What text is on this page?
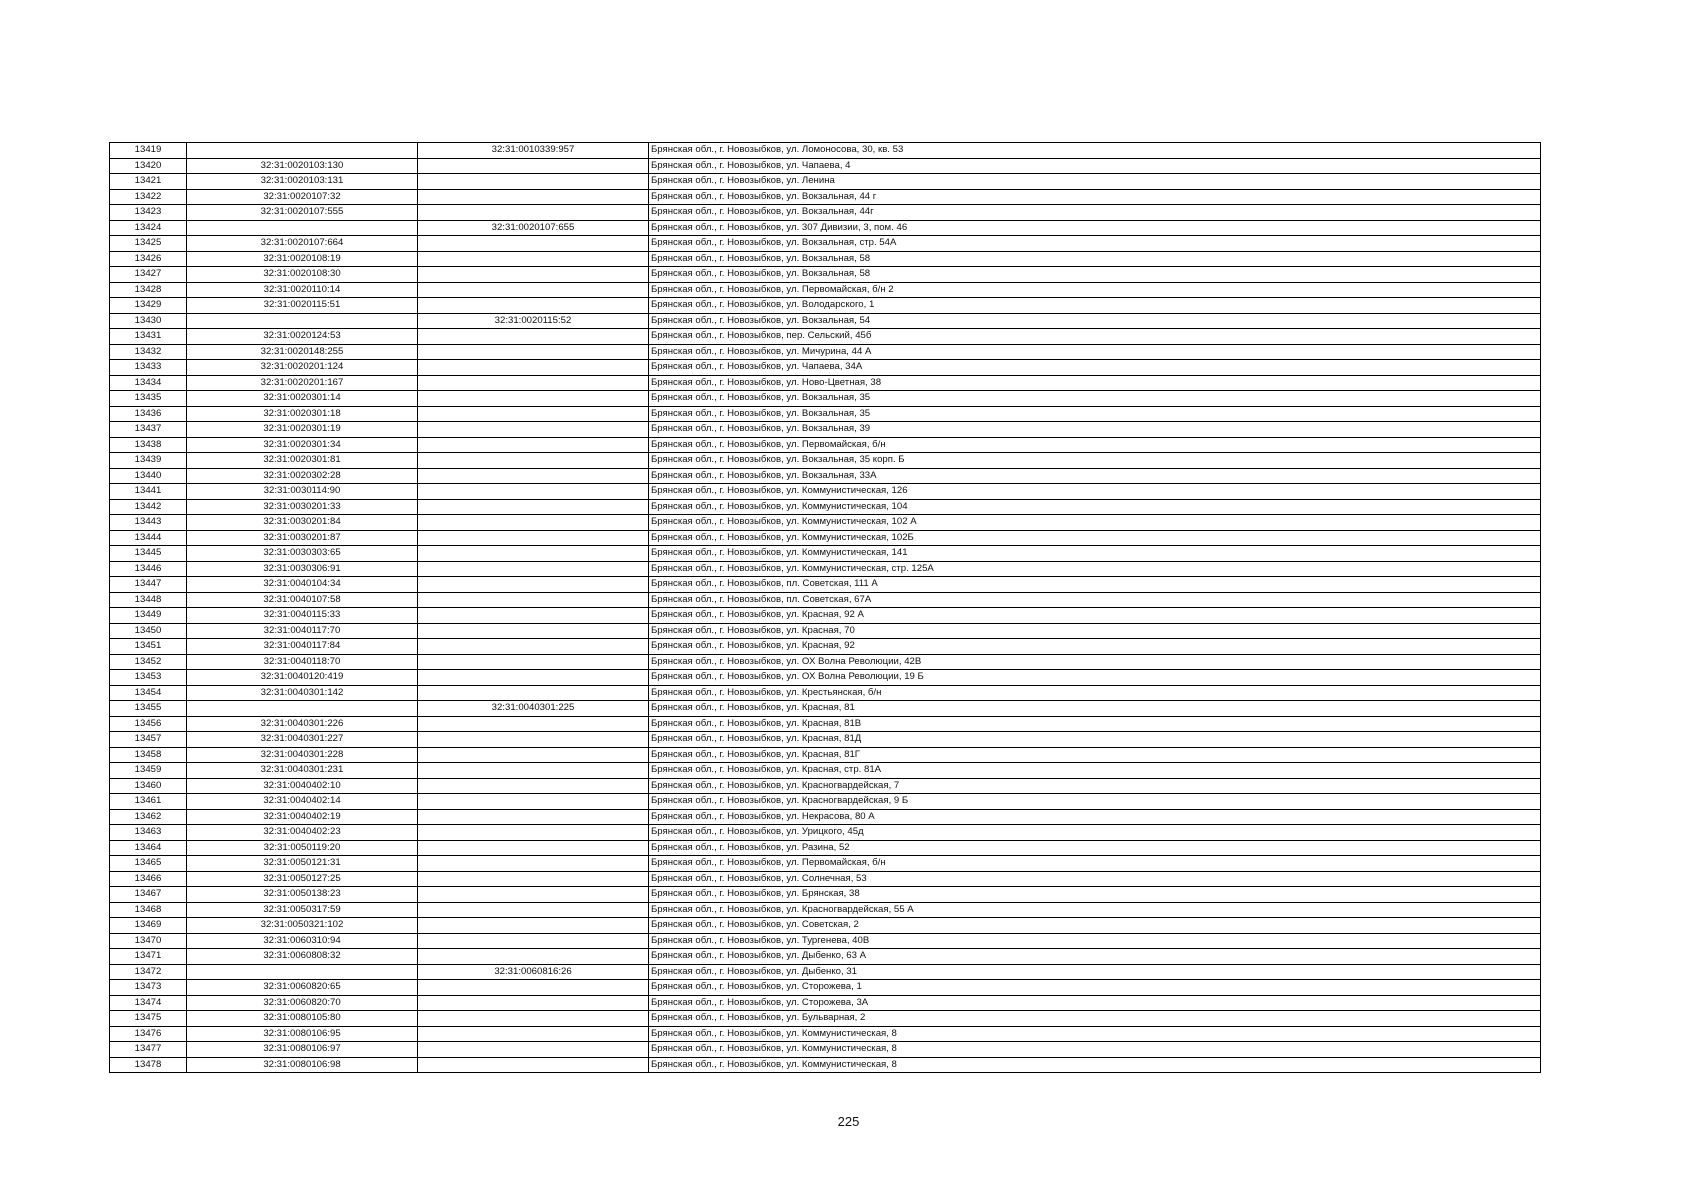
13419		32:31:0010339:957	Брянская обл., г. Новозыбков, ул. Ломоносова, 30, кв. 53
13420	32:31:0020103:130		Брянская обл., г. Новозыбков, ул. Чапаева, 4
13421	32:31:0020103:131		Брянская обл., г. Новозыбков, ул. Ленина
13422	32:31:0020107:32		Брянская обл., г. Новозыбков, ул. Вокзальная, 44 г
13423	32:31:0020107:555		Брянская обл., г. Новозыбков, ул. Вокзальная, 44г
13424		32:31:0020107:655	Брянская обл., г. Новозыбков, ул. 307 Дивизии, 3, пом. 46
13425	32:31:0020107:664		Брянская обл., г. Новозыбков, ул. Вокзальная, стр. 54А
13426	32:31:0020108:19		Брянская обл., г. Новозыбков, ул. Вокзальная, 58
13427	32:31:0020108:30		Брянская обл., г. Новозыбков, ул. Вокзальная, 58
13428	32:31:0020110:14		Брянская обл., г. Новозыбков, ул. Первомайская, б/н 2
13429	32:31:0020115:51		Брянская обл., г. Новозыбков, ул. Володарского, 1
13430		32:31:0020115:52	Брянская обл., г. Новозыбков, ул. Вокзальная, 54
13431	32:31:0020124:53		Брянская обл., г. Новозыбков, пер. Сельский, 45б
13432	32:31:0020148:255		Брянская обл., г. Новозыбков, ул. Мичурина, 44 А
13433	32:31:0020201:124		Брянская обл., г. Новозыбков, ул. Чапаева, 34А
13434	32:31:0020201:167		Брянская обл., г. Новозыбков, ул. Ново-Цветная, 38
13435	32:31:0020301:14		Брянская обл., г. Новозыбков, ул. Вокзальная, 35
13436	32:31:0020301:18		Брянская обл., г. Новозыбков, ул. Вокзальная, 35
13437	32:31:0020301:19		Брянская обл., г. Новозыбков, ул. Вокзальная, 39
13438	32:31:0020301:34		Брянская обл., г. Новозыбков, ул. Первомайская, б/н
13439	32:31:0020301:81		Брянская обл., г. Новозыбков, ул. Вокзальная, 35 корп. Б
13440	32:31:0020302:28		Брянская обл., г. Новозыбков, ул. Вокзальная, 33А
13441	32:31:0030114:90		Брянская обл., г. Новозыбков, ул. Коммунистическая, 126
13442	32:31:0030201:33		Брянская обл., г. Новозыбков, ул. Коммунистическая, 104
13443	32:31:0030201:84		Брянская обл., г. Новозыбков, ул. Коммунистическая, 102 А
13444	32:31:0030201:87		Брянская обл., г. Новозыбков, ул. Коммунистическая, 102Б
13445	32:31:0030303:65		Брянская обл., г. Новозыбков, ул. Коммунистическая, 141
13446	32:31:0030306:91		Брянская обл., г. Новозыбков, ул. Коммунистическая, стр. 125А
13447	32:31:0040104:34		Брянская обл., г. Новозыбков, пл. Советская, 111 А
13448	32:31:0040107:58		Брянская обл., г. Новозыбков, пл. Советская, 67А
13449	32:31:0040115:33		Брянская обл., г. Новозыбков, ул. Красная, 92 А
13450	32:31:0040117:70		Брянская обл., г. Новозыбков, ул. Красная, 70
13451	32:31:0040117:84		Брянская обл., г. Новозыбков, ул. Красная, 92
13452	32:31:0040118:70		Брянская обл., г. Новозыбков, ул. ОХ Волна Революции, 42В
13453	32:31:0040120:419		Брянская обл., г. Новозыбков, ул. ОХ Волна Революции, 19 Б
13454	32:31:0040301:142		Брянская обл., г. Новозыбков, ул. Крестьянская, б/н
13455		32:31:0040301:225	Брянская обл., г. Новозыбков, ул. Красная, 81
13456	32:31:0040301:226		Брянская обл., г. Новозыбков, ул. Красная, 81В
13457	32:31:0040301:227		Брянская обл., г. Новозыбков, ул. Красная, 81Д
13458	32:31:0040301:228		Брянская обл., г. Новозыбков, ул. Красная, 81Г
13459	32:31:0040301:231		Брянская обл., г. Новозыбков, ул. Красная, стр. 81А
13460	32:31:0040402:10		Брянская обл., г. Новозыбков, ул. Красногвардейская, 7
13461	32:31:0040402:14		Брянская обл., г. Новозыбков, ул. Красногвардейская, 9 Б
13462	32:31:0040402:19		Брянская обл., г. Новозыбков, ул. Некрасова, 80 А
13463	32:31:0040402:23		Брянская обл., г. Новозыбков, ул. Урицкого, 45д
13464	32:31:0050119:20		Брянская обл., г. Новозыбков, ул. Разина, 52
13465	32:31:0050121:31		Брянская обл., г. Новозыбков, ул. Первомайская, б/н
13466	32:31:0050127:25		Брянская обл., г. Новозыбков, ул. Солнечная, 53
13467	32:31:0050138:23		Брянская обл., г. Новозыбков, ул. Брянская, 38
13468	32:31:0050317:59		Брянская обл., г. Новозыбков, ул. Красногвардейская, 55 А
13469	32:31:0050321:102		Брянская обл., г. Новозыбков, ул. Советская, 2
13470	32:31:0060310:94		Брянская обл., г. Новозыбков, ул. Тургенева, 40В
13471	32:31:0060808:32		Брянская обл., г. Новозыбков, ул. Дыбенко, 63 А
13472		32:31:0060816:26	Брянская обл., г. Новозыбков, ул. Дыбенко, 31
13473	32:31:0060820:65		Брянская обл., г. Новозыбков, ул. Сторожева, 1
13474	32:31:0060820:70		Брянская обл., г. Новозыбков, ул. Сторожева, 3А
13475	32:31:0080105:80		Брянская обл., г. Новозыбков, ул. Бульварная, 2
13476	32:31:0080106:95		Брянская обл., г. Новозыбков, ул. Коммунистическая, 8
13477	32:31:0080106:97		Брянская обл., г. Новозыбков, ул. Коммунистическая, 8
13478	32:31:0080106:98		Брянская обл., г. Новозыбков, ул. Коммунистическая, 8
225
